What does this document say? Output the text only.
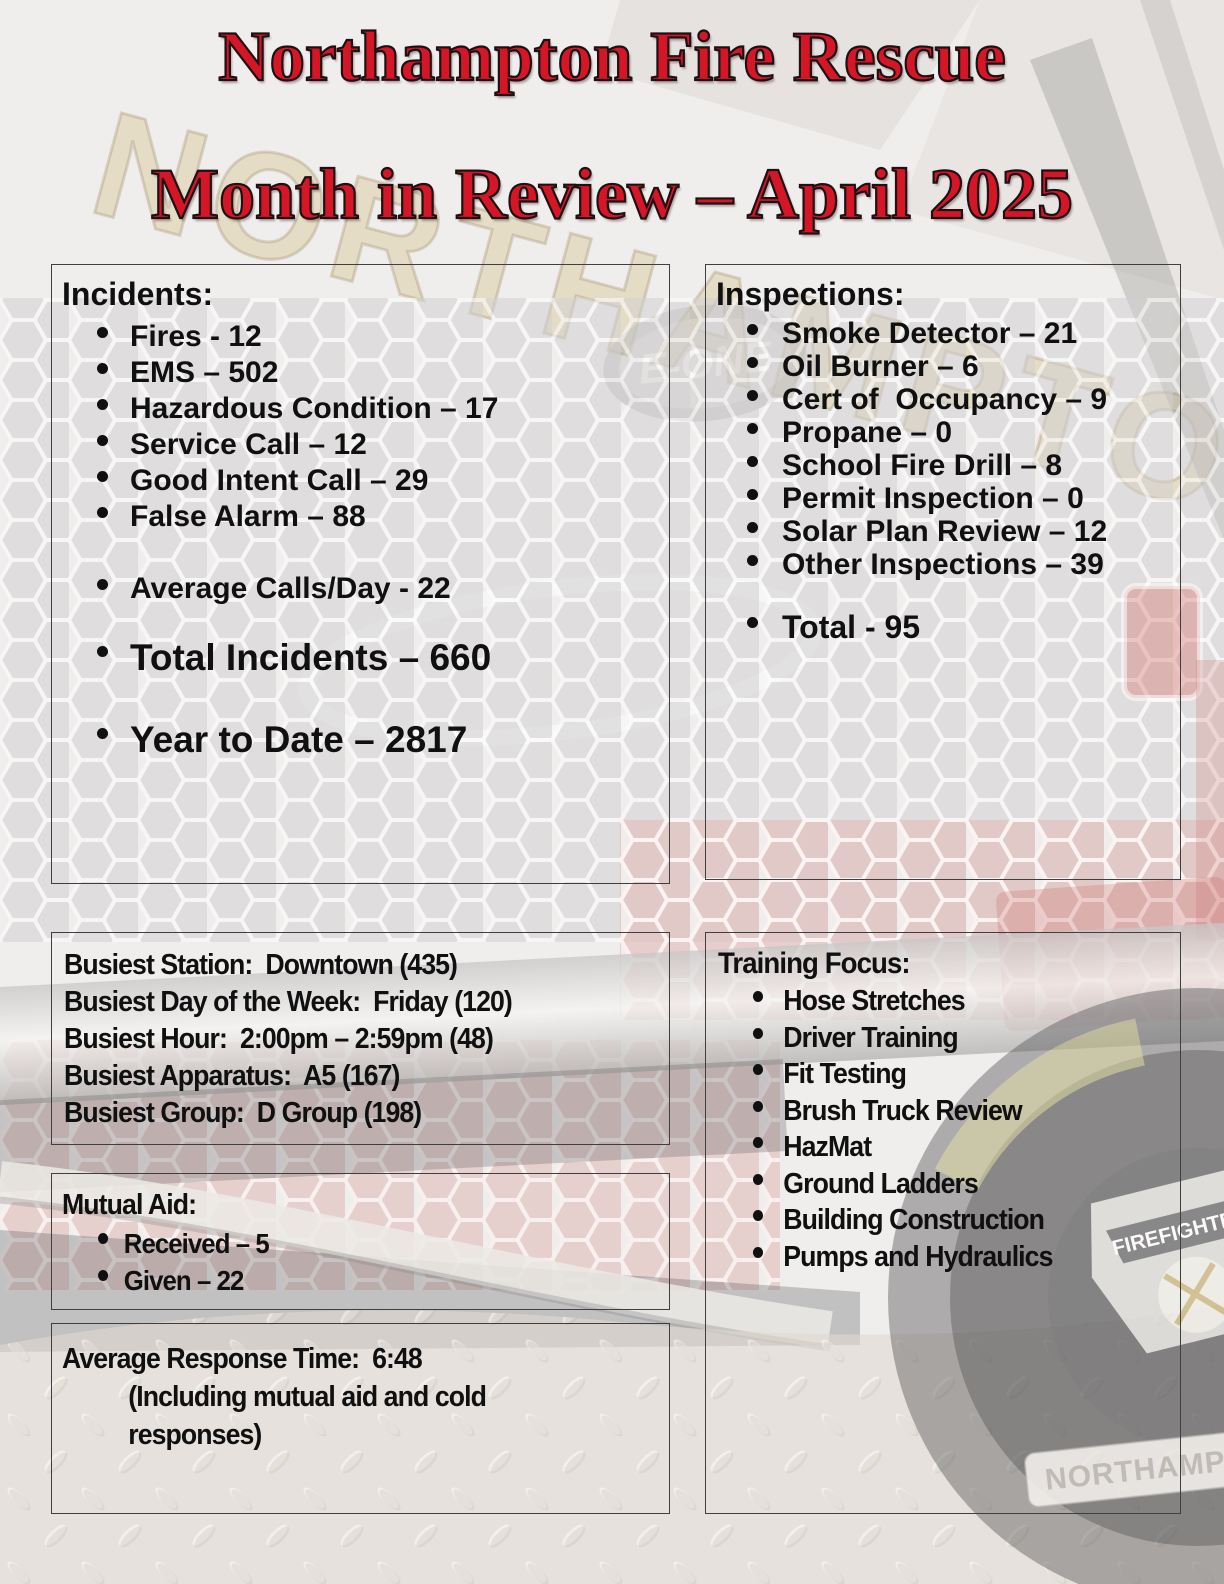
Northampton Fire Rescue
Month in Review – April 2025
Incidents:
Fires - 12
EMS – 502
Hazardous Condition – 17
Service Call – 12
Good Intent Call – 29
False Alarm – 88
Average Calls/Day - 22
Total Incidents – 660
Year to Date – 2817
Inspections:
Smoke Detector – 21
Oil Burner – 6
Cert of  Occupancy – 9
Propane – 0
School Fire Drill – 8
Permit Inspection – 0
Solar Plan Review – 12
Other Inspections – 39
Total - 95

Busiest Station:  Downtown (435)

Busiest Day of the Week:  Friday (120)

Busiest Hour:  2:00pm – 2:59pm (48)

Busiest Apparatus:  A5 (167)

Busiest Group:  D Group (198)

Training Focus:
Hose Stretches
Driver Training
Fit Testing
Brush Truck Review
HazMat
Ground Ladders
Building Construction
Pumps and Hydraulics
Mutual Aid:
Received – 5
Given – 22

Average Response Time:  6:48

(Including mutual aid and cold

responses)
